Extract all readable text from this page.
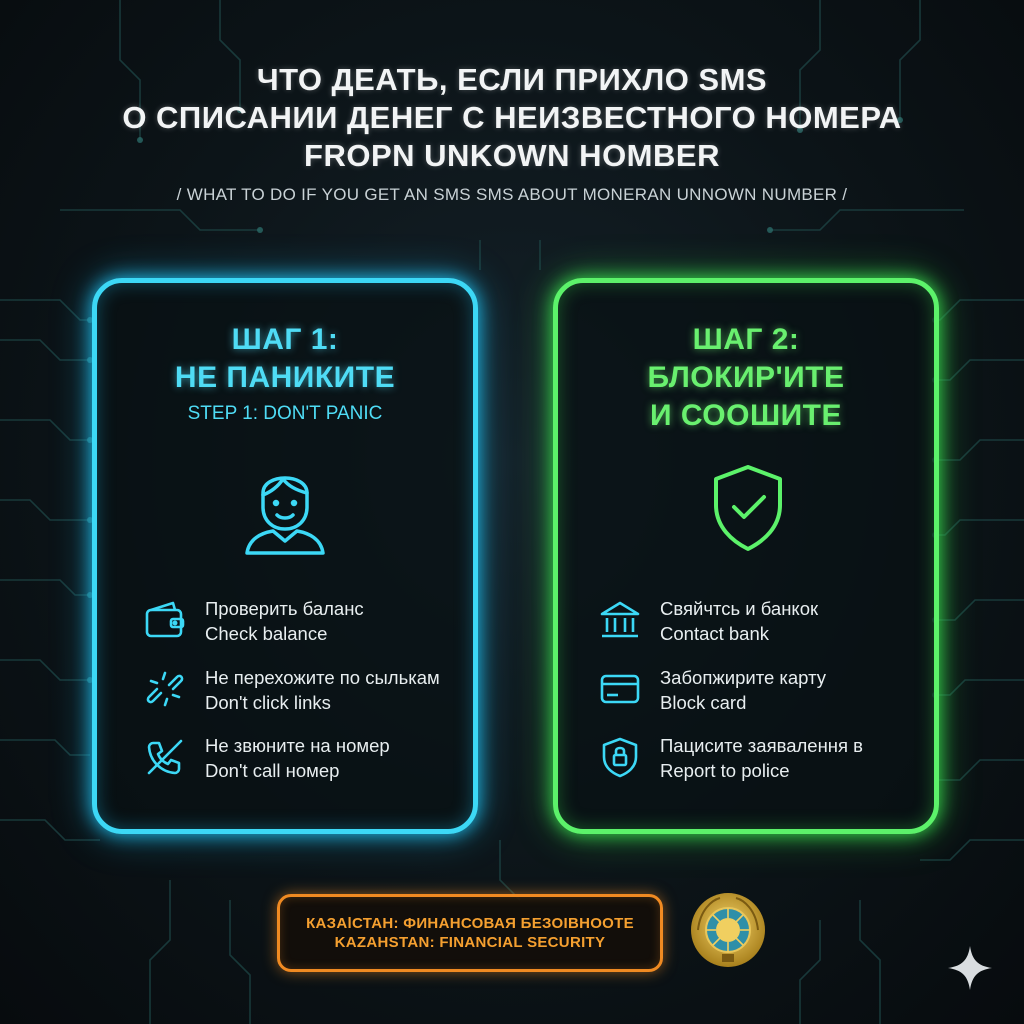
ЧТО ДЕАТЬ, ЕСЛИ ПРИХЛО SMS
О СПИСАНИИ ДЕНЕГ С НЕИЗВЕСТНОГО НОМЕРА
FROPN UNKOWN HOMBER
/ WHAT TO DO IF YOU GET AN SMS SMS ABOUT MONERAN UNNOWN NUMBER /
ШАГ 1:
НЕ ПАНИКИТЕ
STEP 1: DON'T PANIC
Проверить баланс
Check balance
Не перехожите по сылькам
Don't click links
Не звюните на номер
Don't call номер
ШАГ 2:
БЛОКИР'ИТЕ
И СООШИТЕ
Свяйчтсь и банкок
Contact bank
Забопжирите карту
Block card
Пацисите заявалення в
Report to police
КАЗАlСТАН: ФИНАНСОВАЯ БЕЗОІВНООТЕ
KAZAHSTAN: FINANCIAL SECURITY
